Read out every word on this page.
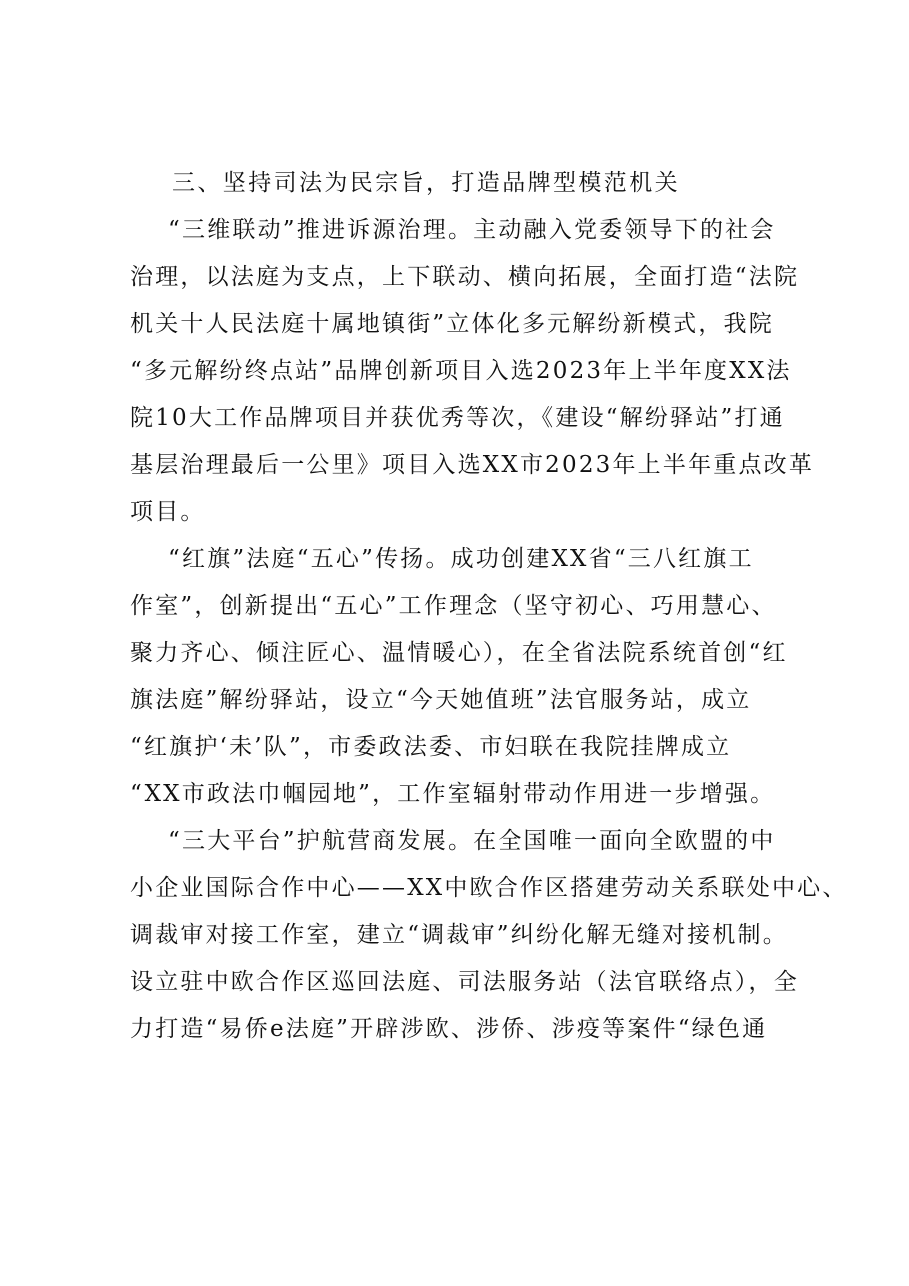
三、坚持司法为民宗旨，打造品牌型模范机关
“三维联动”推进诉源治理。主动融入党委领导下的社会
治理，以法庭为支点，上下联动、横向拓展，全面打造“法院
机关十人民法庭十属地镇街”立体化多元解纷新模式，我院
“多元解纷终点站”品牌创新项目入选2023年上半年度XX法
院10大工作品牌项目并获优秀等次，《建设“解纷驿站”打通
基层治理最后一公里》项目入选XX市2023年上半年重点改革
项目。
“红旗”法庭“五心”传扬。成功创建XX省“三八红旗工
作室”，创新提出“五心”工作理念（坚守初心、巧用慧心、
聚力齐心、倾注匠心、温情暖心），在全省法院系统首创“红
旗法庭”解纷驿站，设立“今天她值班”法官服务站，成立
“红旗护‘未’队”，市委政法委、市妇联在我院挂牌成立
“XX市政法巾帼园地”，工作室辐射带动作用进一步增强。
“三大平台”护航营商发展。在全国唯一面向全欧盟的中
小企业国际合作中心——XX中欧合作区搭建劳动关系联处中心、
调裁审对接工作室，建立“调裁审”纠纷化解无缝对接机制。
设立驻中欧合作区巡回法庭、司法服务站（法官联络点），全
力打造“易侨e法庭”开辟涉欧、涉侨、涉疫等案件“绿色通
